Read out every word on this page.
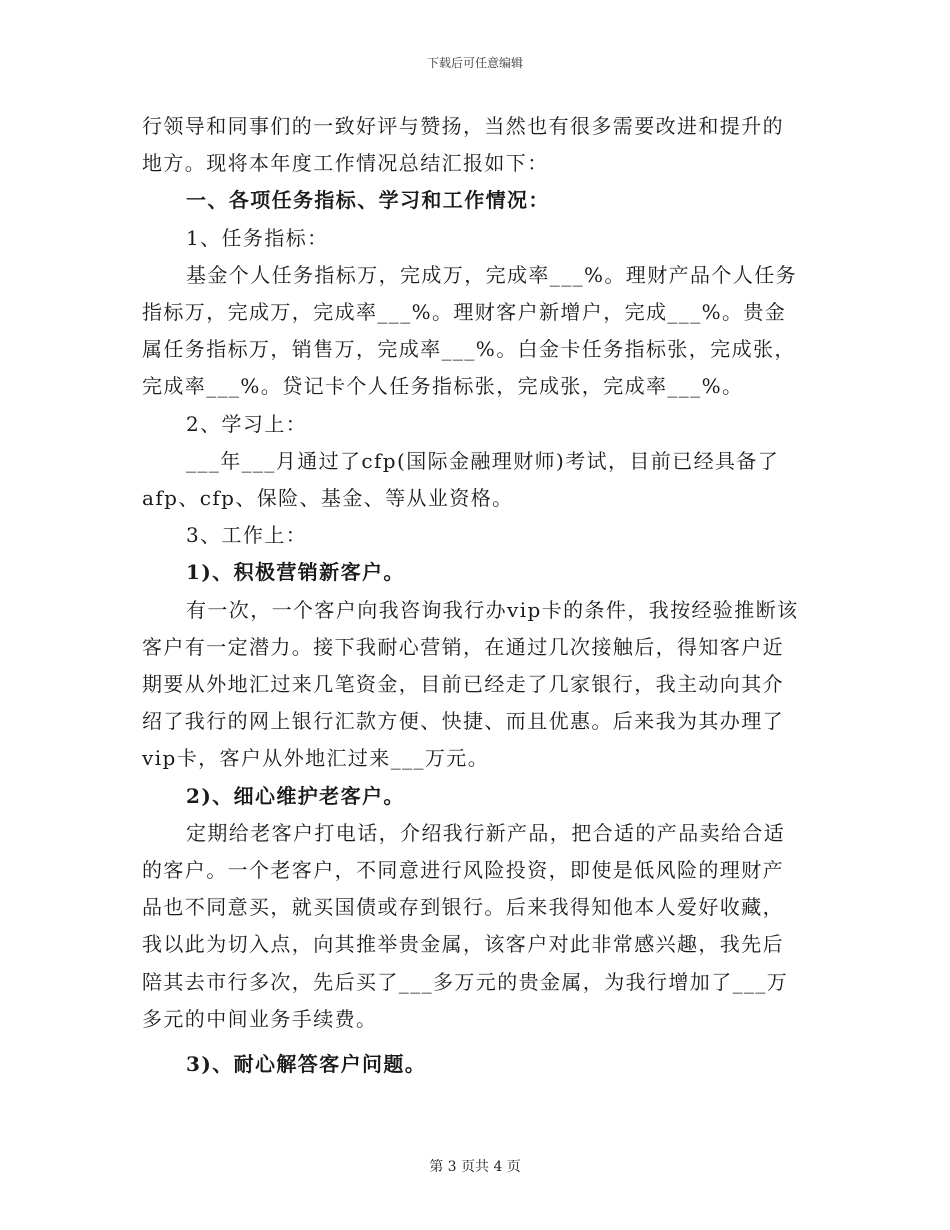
下载后可任意编辑

行领导和同事们的一致好评与赞扬，当然也有很多需要改进和提升的地方。现将本年度工作情况总结汇报如下：

一、各项任务指标、学习和工作情况：

1、任务指标：

基金个人任务指标万，完成万，完成率___%。理财产品个人任务指标万，完成万，完成率___%。理财客户新增户，完成___%。贵金属任务指标万，销售万，完成率___%。白金卡任务指标张，完成张，完成率___%。贷记卡个人任务指标张，完成张，完成率___%。

2、学习上：

___年___月通过了cfp(国际金融理财师)考试，目前已经具备了afp、cfp、保险、基金、等从业资格。

3、工作上：

1)、积极营销新客户。

有一次，一个客户向我咨询我行办vip卡的条件，我按经验推断该客户有一定潜力。接下我耐心营销，在通过几次接触后，得知客户近期要从外地汇过来几笔资金，目前已经走了几家银行，我主动向其介绍了我行的网上银行汇款方便、快捷、而且优惠。后来我为其办理了vip卡，客户从外地汇过来___万元。

2)、细心维护老客户。

定期给老客户打电话，介绍我行新产品，把合适的产品卖给合适的客户。一个老客户，不同意进行风险投资，即使是低风险的理财产品也不同意买，就买国债或存到银行。后来我得知他本人爱好收藏，我以此为切入点，向其推举贵金属，该客户对此非常感兴趣，我先后陪其去市行多次，先后买了___多万元的贵金属，为我行增加了___万多元的中间业务手续费。

3)、耐心解答客户问题。

第 3 页共 4 页
